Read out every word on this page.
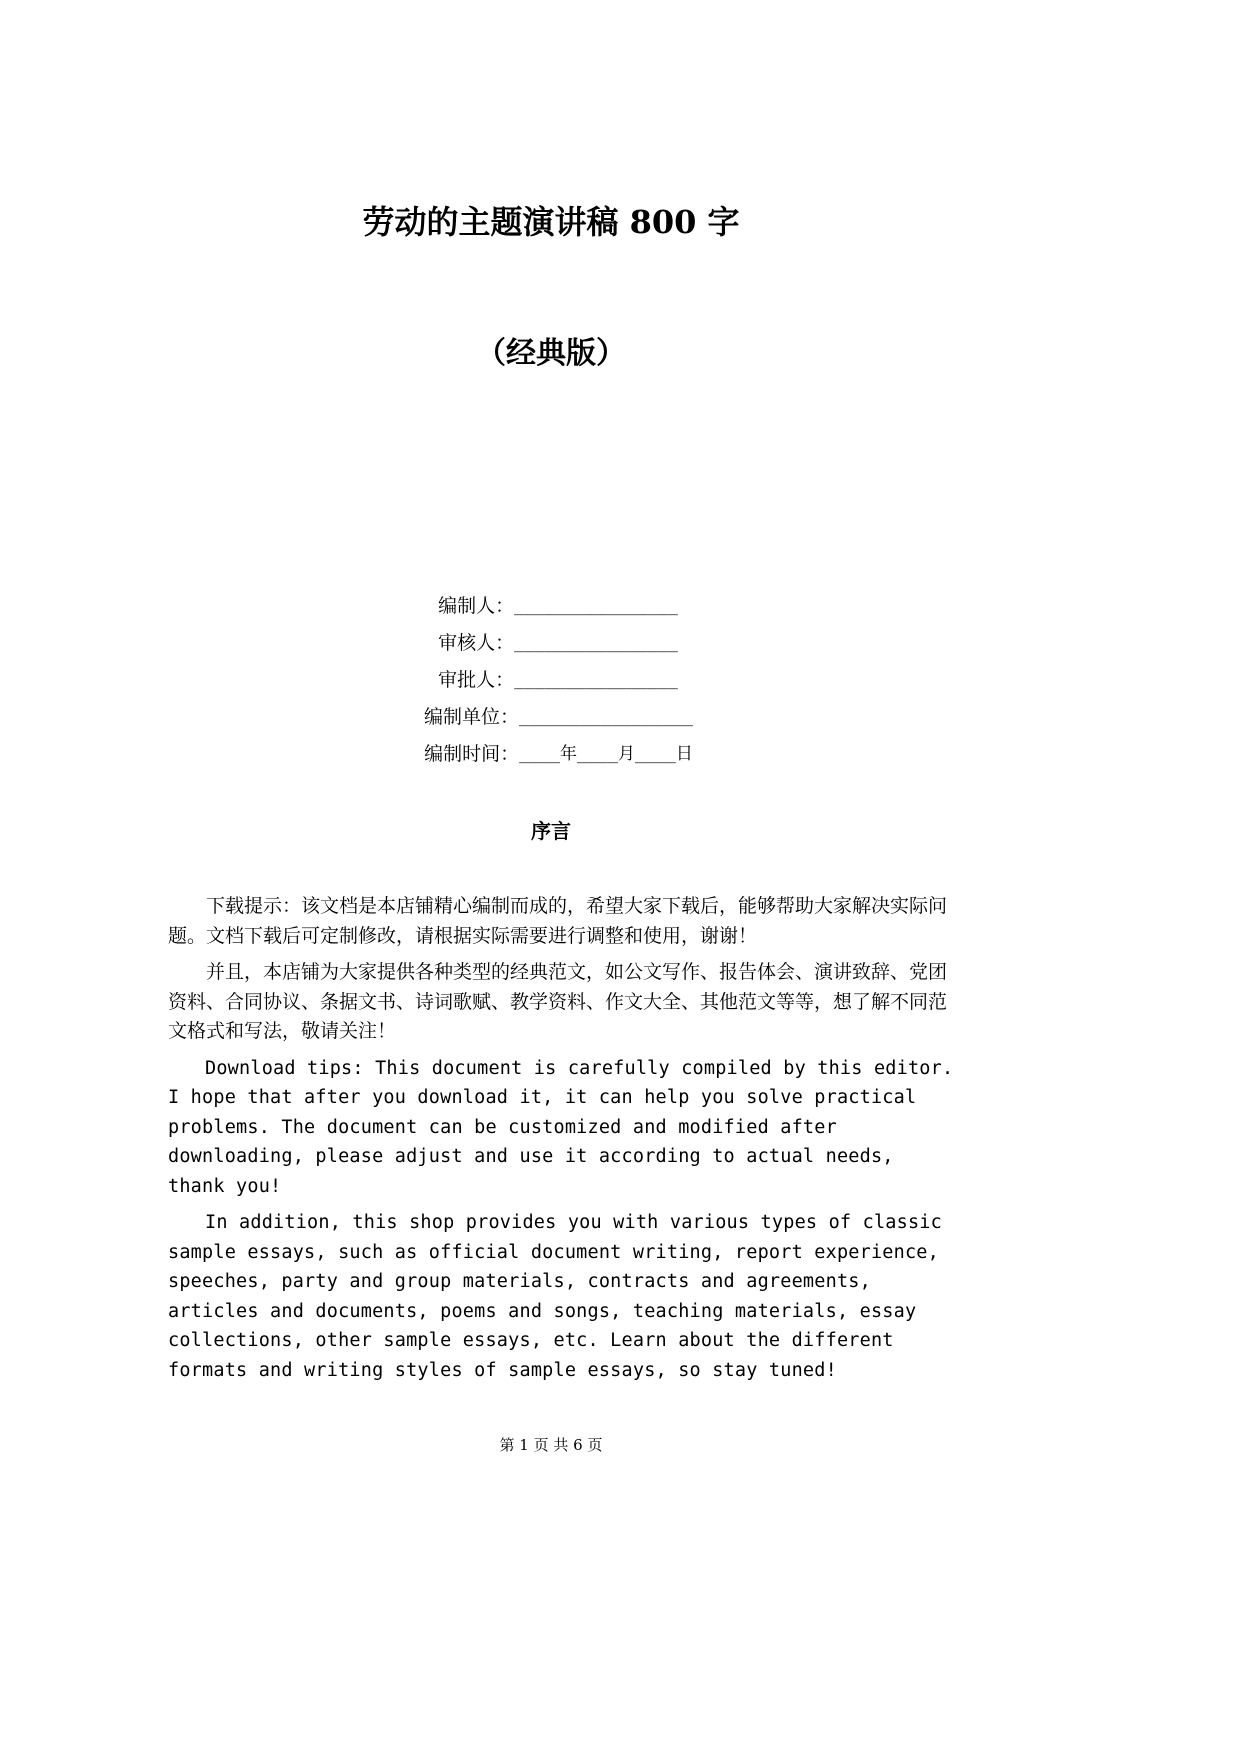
劳动的主题演讲稿 800 字
（经典版）
编制人： ________________
审核人： ________________
审批人： ________________
编制单位： _________________
编制时间： ____年____月____日
序言

下载提示：该文档是本店铺精心编制而成的，希望大家下载后，能够帮助大家解决实际问题。文档下载后可定制修改，请根据实际需要进行调整和使用，谢谢！

并且，本店铺为大家提供各种类型的经典范文，如公文写作、报告体会、演讲致辞、党团资料、合同协议、条据文书、诗词歌赋、教学资料、作文大全、其他范文等等，想了解不同范文格式和写法，敬请关注！

Download tips: This document is carefully compiled by this editor. I hope that after you download it, it can help you solve practical problems. The document can be customized and modified after downloading, please adjust and use it according to actual needs, thank you!

In addition, this shop provides you with various types of classic sample essays, such as official document writing, report experience, speeches, party and group materials, contracts and agreements, articles and documents, poems and songs, teaching materials, essay collections, other sample essays, etc. Learn about the different formats and writing styles of sample essays, so stay tuned!

第 1 页 共 6 页
